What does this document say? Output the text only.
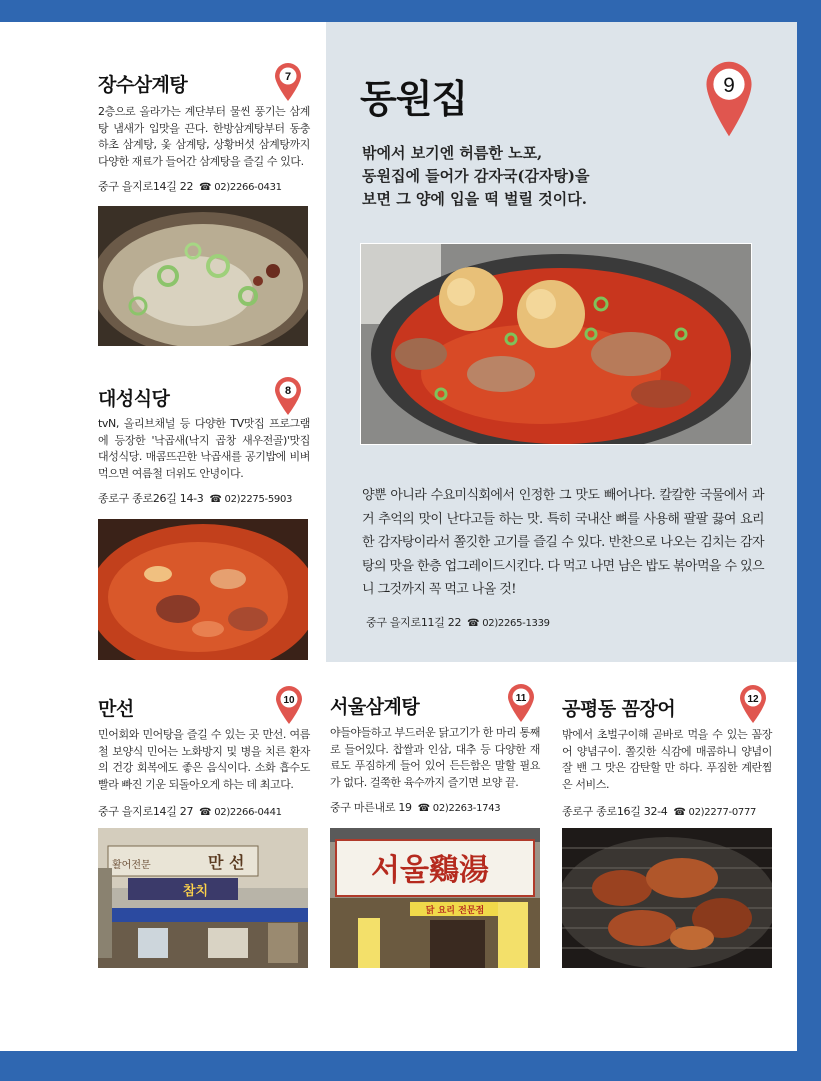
장수삼계탕	7
2층으로 올라가는 계단부터 물씬 풍기는 삼계탕 냄새가 입맛을 끈다. 한방삼계탕부터 동충하초 삼계탕, 옻 삼계탕, 상황버섯 삼계탕까지 다양한 재료가 들어간 삼계탕을 즐길 수 있다.
중구 을지로14길 22 ☎ 02)2266-0431
대성식당	8
tvN, 올리브채널 등 다양한 TV맛집 프로그램에 등장한 '낙곱새(낙지 곱창 새우전골)'맛집 대성식당. 매콤뜨끈한 낙곱새를 공기밥에 비벼먹으면 여름철 더위도 안녕이다.
종로구 종로26길 14-3 ☎ 02)2275-5903
동원집	9
밖에서 보기엔 허름한 노포,
동원집에 들어가 감자국(감자탕)을
보면 그 양에 입을 떡 벌릴 것이다.
양뿐 아니라 수요미식회에서 인정한 그 맛도 빼어나다. 칼칼한 국물에서 과거 추억의 맛이 난다고들 하는 맛. 특히 국내산 뼈를 사용해 팔팔 끓여 요리한 감자탕이라서 쫄깃한 고기를 즐길 수 있다. 반찬으로 나오는 김치는 감자탕의 맛을 한층 업그레이드시킨다. 다 먹고 나면 남은 밥도 볶아먹을 수 있으니 그것까지 꼭 먹고 나올 것!
중구 을지로11길 22 ☎ 02)2265-1339
만선	10
민어회와 민어탕을 즐길 수 있는 곳 만선. 여름철 보양식 민어는 노화방지 및 병을 치른 환자의 건강 회복에도 좋은 음식이다. 소화 흡수도 빨라 빠진 기운 되돌아오게 하는 데 최고다.
중구 을지로14길 27 ☎ 02)2266-0441
만 선
활어전문
참치
서울삼계탕	11
야들야들하고 부드러운 닭고기가 한 마리 통째로 들어있다. 찹쌀과 인삼, 대추 등 다양한 재료도 푸짐하게 들어 있어 든든함은 말할 필요가 없다. 걸쭉한 육수까지 즐기면 보양 끝.
중구 마른내로 19 ☎ 02)2263-1743
서울鷄湯
닭 요리 전문점
공평동 꼼장어	12
밖에서 초벌구이해 곧바로 먹을 수 있는 꼼장어 양념구이. 쫄깃한 식감에 매콤하니 양념이 잘 밴 그 맛은 감탄할 만 하다. 푸짐한 계란찜은 서비스.
종로구 종로16길 32-4 ☎ 02)2277-0777
